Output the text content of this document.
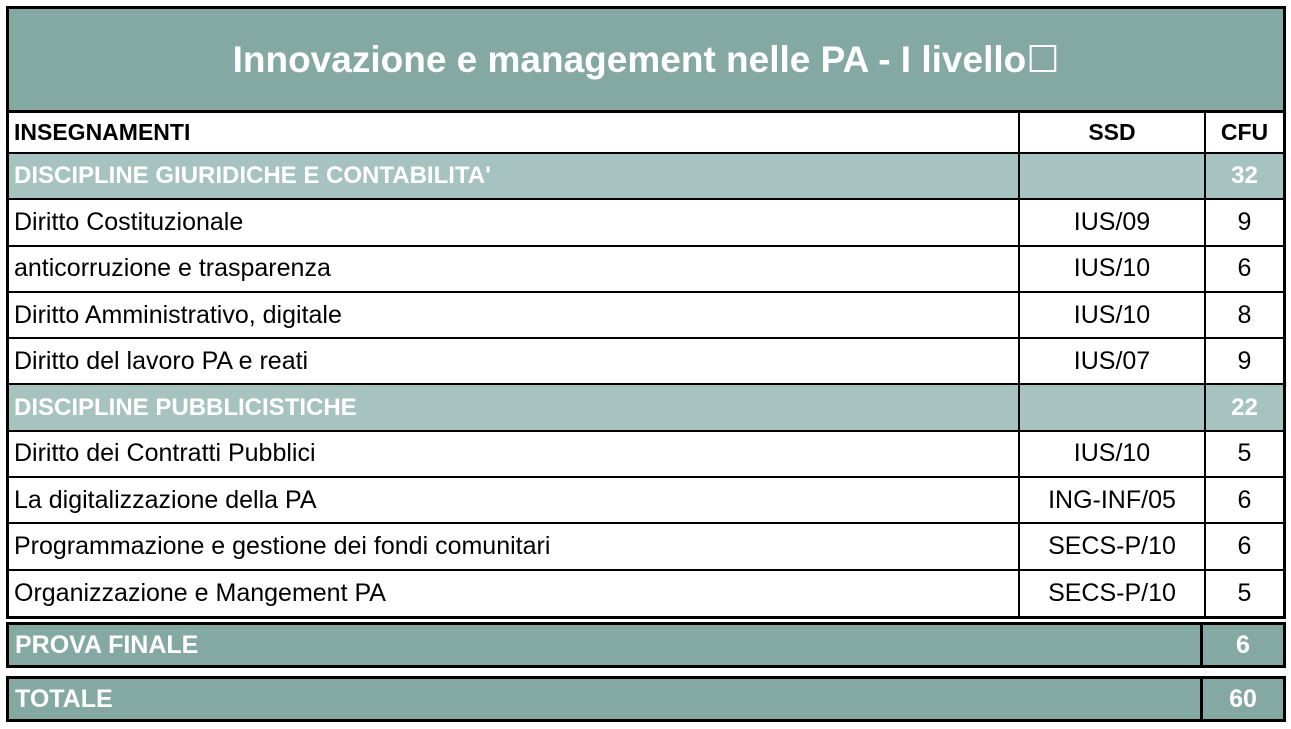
Innovazione e management nelle PA - I livello☐
INSEGNAMENTI	SSD	CFU
DISCIPLINE GIURIDICHE E CONTABILITA'		32
Diritto Costituzionale	IUS/09	9
anticorruzione e trasparenza	IUS/10	6
Diritto Amministrativo, digitale	IUS/10	8
Diritto del lavoro PA e reati	IUS/07	9
DISCIPLINE PUBBLICISTICHE		22
Diritto dei Contratti Pubblici	IUS/10	5
La digitalizzazione della PA	ING-INF/05	6
Programmazione e gestione dei fondi comunitari	SECS-P/10	6
Organizzazione e Mangement PA	SECS-P/10	5
PROVA FINALE	6
TOTALE	60
